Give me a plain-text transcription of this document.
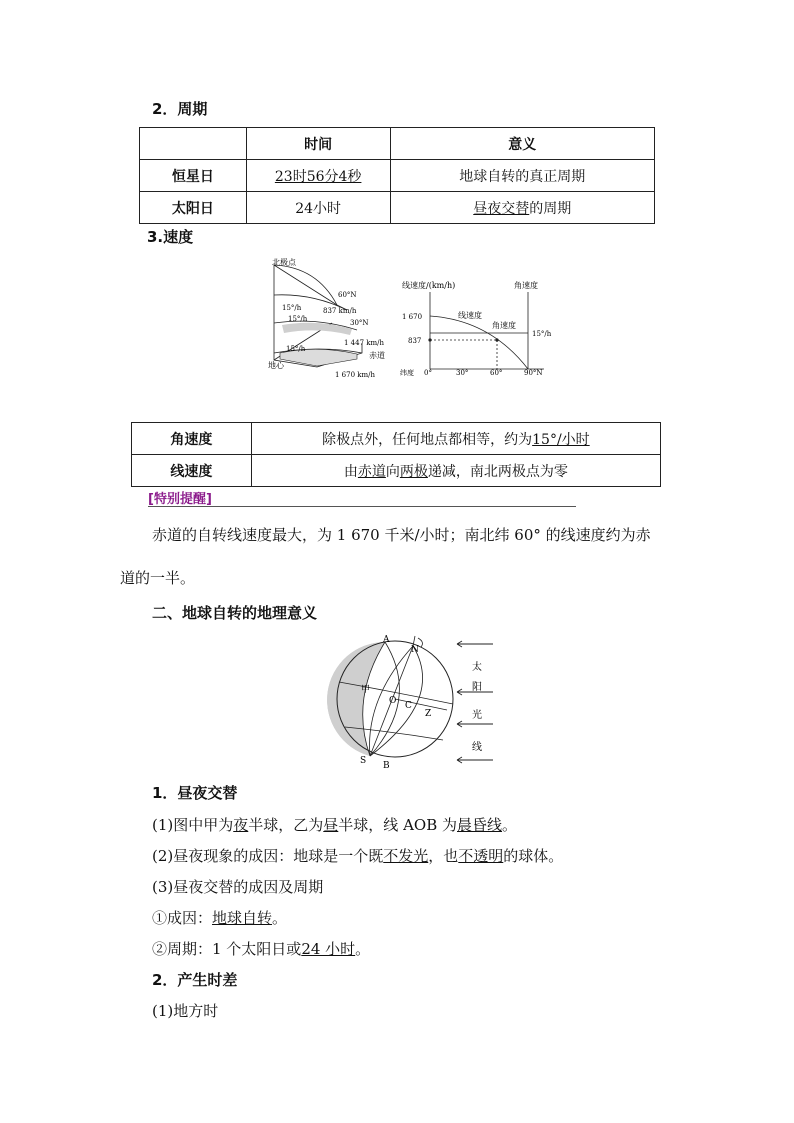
2．周期
	时间	意义
恒星日	23时56分4秒	地球自转的真正周期
太阳日	24小时	昼夜交替的周期
3.速度
北极点
60°N
30°N
赤道
地心
15°/h
15°/h
15°/h
837 km/h
1 447 km/h
1 670 km/h
线速度/(km/h)	角速度
1 670
837
线速度
角速度
15°/h
纬度 0°	30°	60°	90°N
角速度	除极点外，任何地点都相等，约为15°/小时
线速度	由赤道向两极递减，南北两极点为零
[特别提醒]
赤道的自转线速度最大，为 1 670 千米/小时；南北纬 60° 的线速度约为赤
道的一半。
二、地球自转的地理意义
A
N
S B
O C
Z
甲
太
阳
光
线
1．昼夜交替
(1)图中甲为夜半球，乙为昼半球，线 AOB 为晨昏线。
(2)昼夜现象的成因：地球是一个既不发光，也不透明的球体。
(3)昼夜交替的成因及周期
①成因：地球自转。
②周期：1 个太阳日或24 小时。
2．产生时差
(1)地方时
